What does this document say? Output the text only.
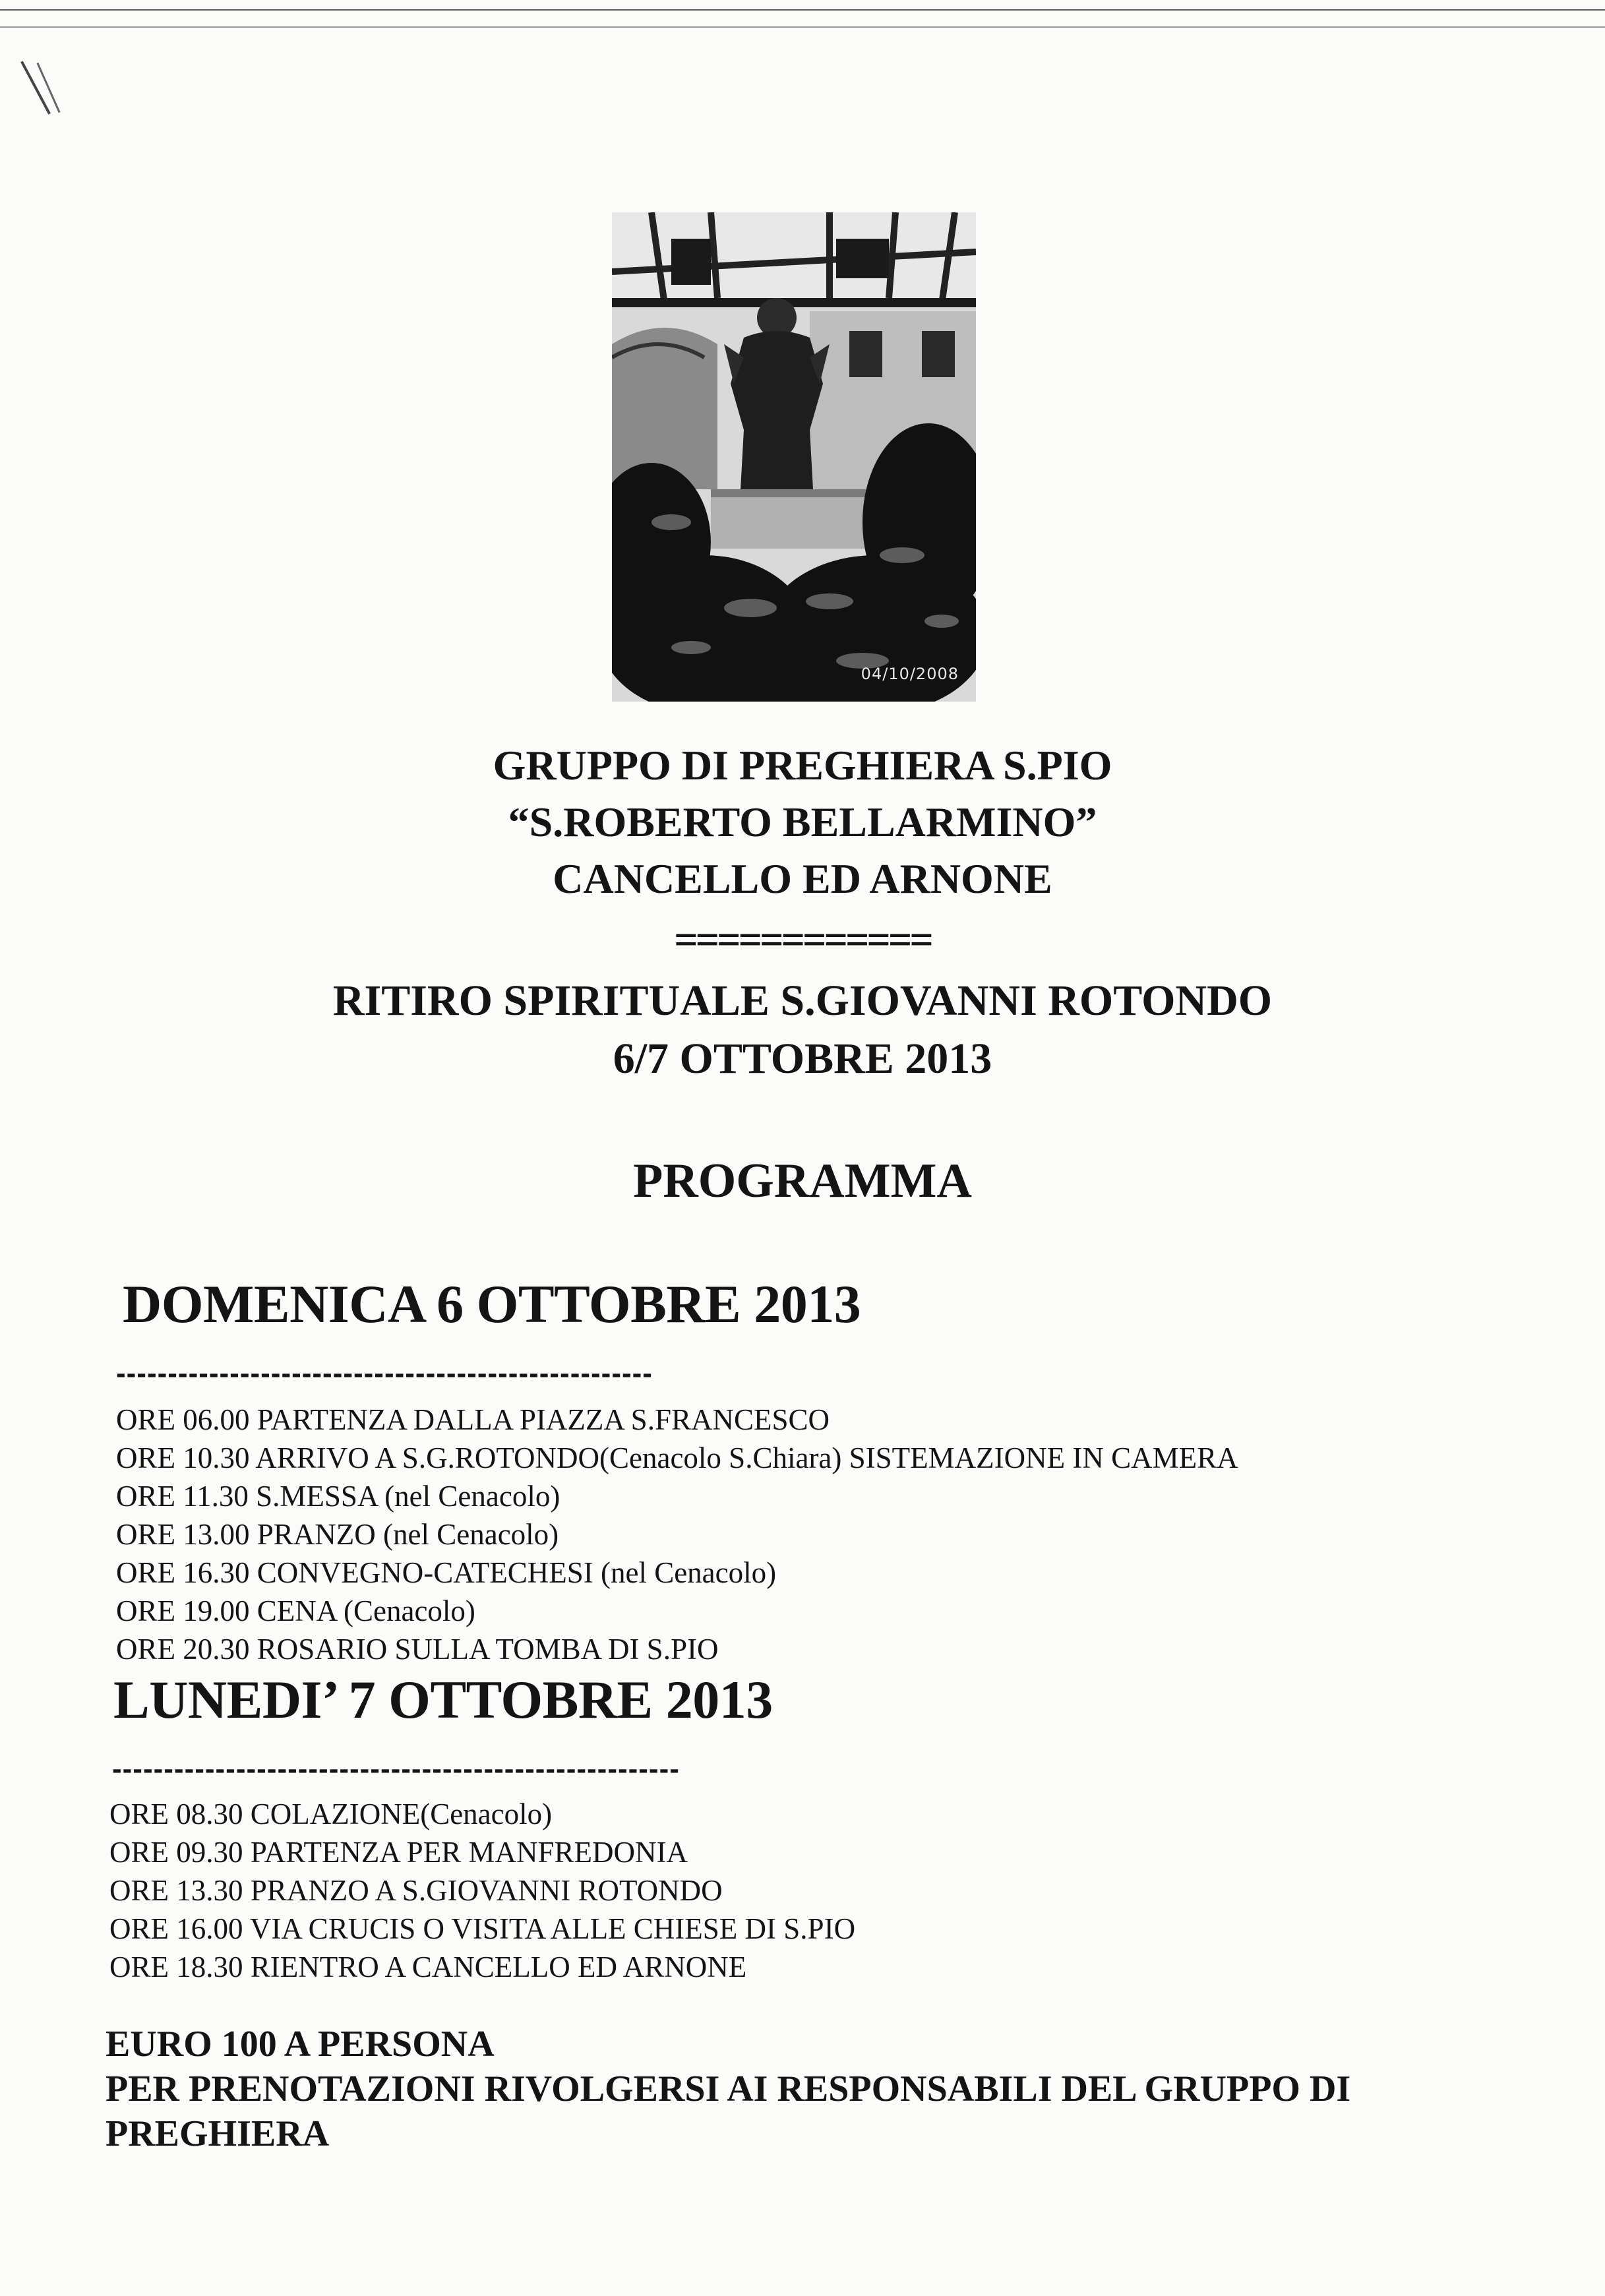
04/10/2008
GRUPPO DI PREGHIERA S.PIO
“S.ROBERTO BELLARMINO”
CANCELLO ED ARNONE
============
RITIRO SPIRITUALE S.GIOVANNI ROTONDO
6/7 OTTOBRE 2013
PROGRAMMA
DOMENICA 6 OTTOBRE 2013
----------------------------------------------------
ORE 06.00 PARTENZA DALLA PIAZZA S.FRANCESCO
ORE 10.30 ARRIVO A S.G.ROTONDO(Cenacolo S.Chiara) SISTEMAZIONE IN CAMERA
ORE 11.30 S.MESSA (nel Cenacolo)
ORE 13.00 PRANZO (nel Cenacolo)
ORE 16.30 CONVEGNO-CATECHESI (nel Cenacolo)
ORE 19.00 CENA (Cenacolo)
ORE 20.30 ROSARIO SULLA TOMBA DI S.PIO
LUNEDI’ 7 OTTOBRE 2013
-------------------------------------------------------
ORE 08.30 COLAZIONE(Cenacolo)
ORE 09.30 PARTENZA PER MANFREDONIA
ORE 13.30 PRANZO A S.GIOVANNI ROTONDO
ORE 16.00 VIA CRUCIS O VISITA ALLE CHIESE DI S.PIO
ORE 18.30 RIENTRO A CANCELLO ED ARNONE
EURO 100 A PERSONA
PER PRENOTAZIONI RIVOLGERSI AI RESPONSABILI DEL GRUPPO DI
PREGHIERA
